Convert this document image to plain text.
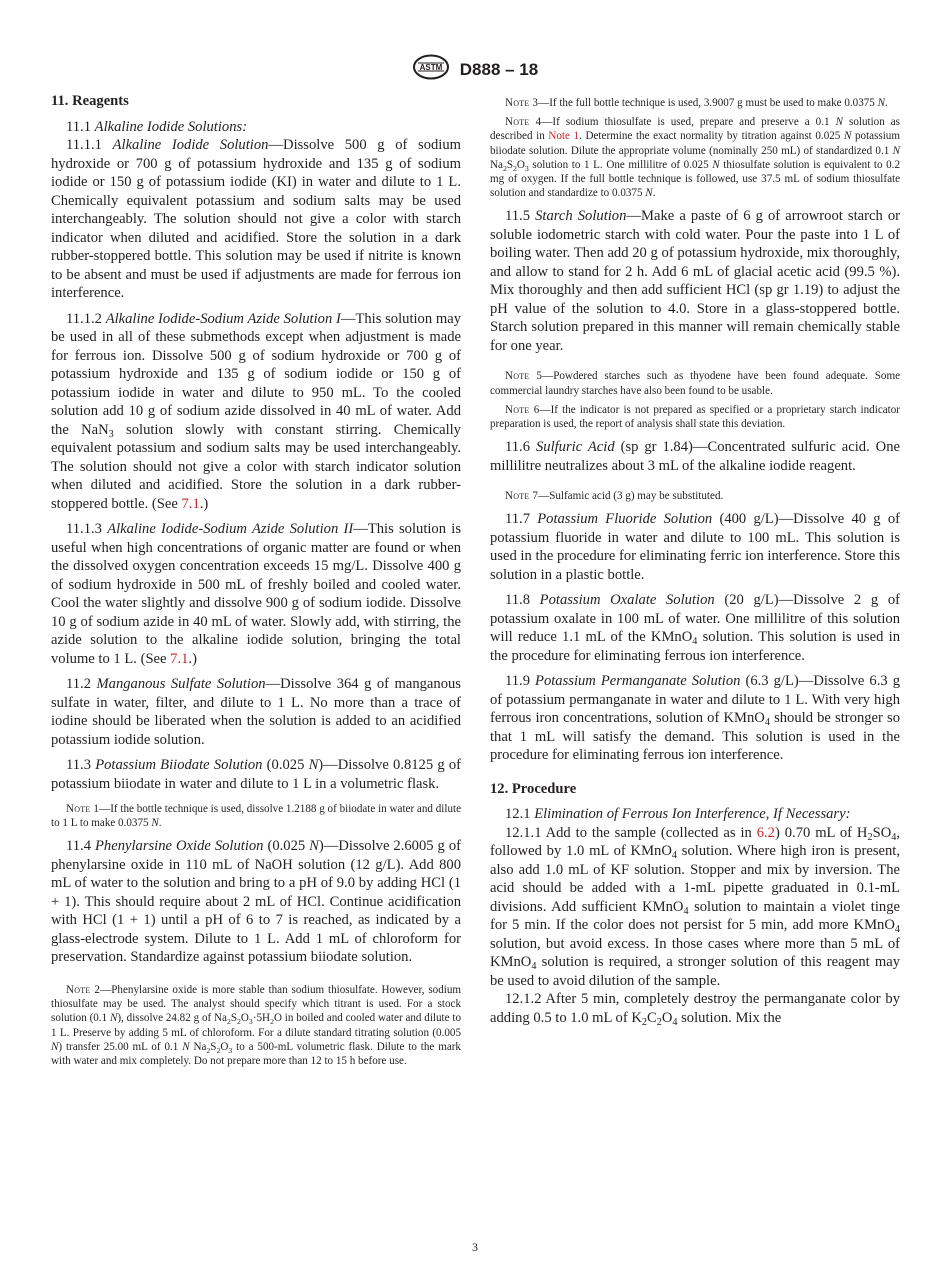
ASTM D888 – 18
11. Reagents

11.1 Alkaline Iodide Solutions:

11.1.1 Alkaline Iodide Solution—Dissolve 500 g of sodium hydroxide or 700 g of potassium hydroxide and 135 g of sodium iodide or 150 g of potassium iodide (KI) in water and dilute to 1 L. Chemically equivalent potassium and sodium salts may be used interchangeably. The solution should not give a color with starch indicator when diluted and acidified. Store the solution in a dark rubber-stoppered bottle. This solution may be used if nitrite is known to be absent and must be used if adjustments are made for ferrous ion interference.

11.1.2 Alkaline Iodide-Sodium Azide Solution I—This solution may be used in all of these submethods except when adjustment is made for ferrous ion. Dissolve 500 g of sodium hydroxide or 700 g of potassium hydroxide and 135 g of sodium iodide or 150 g of potassium iodide in water and dilute to 950 mL. To the cooled solution add 10 g of sodium azide dissolved in 40 mL of water. Add the NaN$_3$ solution slowly with constant stirring. Chemically equivalent potassium and sodium salts may be used interchangeably. The solution should not give a color with starch indicator solution when diluted and acidified. Store the solution in a dark rubber-stoppered bottle. (See 7.1.)

11.1.3 Alkaline Iodide-Sodium Azide Solution II—This solution is useful when high concentrations of organic matter are found or when the dissolved oxygen concentration exceeds 15 mg/L. Dissolve 400 g of sodium hydroxide in 500 mL of freshly boiled and cooled water. Cool the water slightly and dissolve 900 g of sodium iodide. Dissolve 10 g of sodium azide in 40 mL of water. Slowly add, with stirring, the azide solution to the alkaline iodide solution, bringing the total volume to 1 L. (See 7.1.)

11.2 Manganous Sulfate Solution—Dissolve 364 g of manganous sulfate in water, filter, and dilute to 1 L. No more than a trace of iodine should be liberated when the solution is added to an acidified potassium iodide solution.

11.3 Potassium Biiodate Solution (0.025 N)—Dissolve 0.8125 g of potassium biiodate in water and dilute to 1 L in a volumetric flask.

Note 1—If the bottle technique is used, dissolve 1.2188 g of biiodate in water and dilute to 1 L to make 0.0375 N.

11.4 Phenylarsine Oxide Solution (0.025 N)—Dissolve 2.6005 g of phenylarsine oxide in 110 mL of NaOH solution (12 g/L). Add 800 mL of water to the solution and bring to a pH of 9.0 by adding HCl (1 + 1). This should require about 2 mL of HCl. Continue acidification with HCl (1 + 1) until a pH of 6 to 7 is reached, as indicated by a glass-electrode system. Dilute to 1 L. Add 1 mL of chloroform for preservation. Standardize against potassium biiodate solution.

Note 2—Phenylarsine oxide is more stable than sodium thiosulfate. However, sodium thiosulfate may be used. The analyst should specify which titrant is used. For a stock solution (0.1 N), dissolve 24.82 g of $Na_2S_2O_3\cdot 5H_2O$ in boiled and cooled water and dilute to 1 L. Preserve by adding 5 mL of chloroform. For a dilute standard titrating solution (0.005 N) transfer 25.00 mL of 0.1 N $Na_2S_2O_3$ to a 500-mL volumetric flask. Dilute to the mark with water and mix completely. Do not prepare more than 12 to 15 h before use.

Note 3—If the full bottle technique is used, 3.9007 g must be used to make 0.0375 N.

Note 4—If sodium thiosulfate is used, prepare and preserve a 0.1 N solution as described in Note 1. Determine the exact normality by titration against 0.025 N potassium biiodate solution. Dilute the appropriate volume (nominally 250 mL) of standardized 0.1 N $Na_2S_2O_3$ solution to 1 L. One millilitre of 0.025 N thiosulfate solution is equivalent to 0.2 mg of oxygen. If the full bottle technique is followed, use 37.5 mL of sodium thiosulfate solution and standardize to 0.0375 N.

11.5 Starch Solution—Make a paste of 6 g of arrowroot starch or soluble iodometric starch with cold water. Pour the paste into 1 L of boiling water. Then add 20 g of potassium hydroxide, mix thoroughly, and allow to stand for 2 h. Add 6 mL of glacial acetic acid (99.5 %). Mix thoroughly and then add sufficient HCl (sp gr 1.19) to adjust the pH value of the solution to 4.0. Store in a glass-stoppered bottle. Starch solution prepared in this manner will remain chemically stable for one year.

Note 5—Powdered starches such as thyodene have been found adequate. Some commercial laundry starches have also been found to be usable.

Note 6—If the indicator is not prepared as specified or a proprietary starch indicator preparation is used, the report of analysis shall state this deviation.

11.6 Sulfuric Acid (sp gr 1.84)—Concentrated sulfuric acid. One millilitre neutralizes about 3 mL of the alkaline iodide reagent.

Note 7—Sulfamic acid (3 g) may be substituted.

11.7 Potassium Fluoride Solution (400 g/L)—Dissolve 40 g of potassium fluoride in water and dilute to 100 mL. This solution is used in the procedure for eliminating ferric ion interference. Store this solution in a plastic bottle.

11.8 Potassium Oxalate Solution (20 g/L)—Dissolve 2 g of potassium oxalate in 100 mL of water. One millilitre of this solution will reduce 1.1 mL of the KMnO$_4$ solution. This solution is used in the procedure for eliminating ferrous ion interference.

11.9 Potassium Permanganate Solution (6.3 g/L)—Dissolve 6.3 g of potassium permanganate in water and dilute to 1 L. With very high ferrous iron concentrations, solution of KMnO$_4$ should be stronger so that 1 mL will satisfy the demand. This solution is used in the procedure for eliminating ferrous ion interference.

12. Procedure

12.1 Elimination of Ferrous Ion Interference, If Necessary:

12.1.1 Add to the sample (collected as in 6.2) 0.70 mL of $H_2SO_4$, followed by 1.0 mL of KMnO$_4$ solution. Where high iron is present, also add 1.0 mL of KF solution. Stopper and mix by inversion. The acid should be added with a 1-mL pipette graduated in 0.1-mL divisions. Add sufficient KMnO$_4$ solution to maintain a violet tinge for 5 min. If the color does not persist for 5 min, add more KMnO$_4$ solution, but avoid excess. In those cases where more than 5 mL of KMnO$_4$ solution is required, a stronger solution of this reagent may be used to avoid dilution of the sample.

12.1.2 After 5 min, completely destroy the permanganate color by adding 0.5 to 1.0 mL of $K_2C_2O_4$ solution. Mix the

3
